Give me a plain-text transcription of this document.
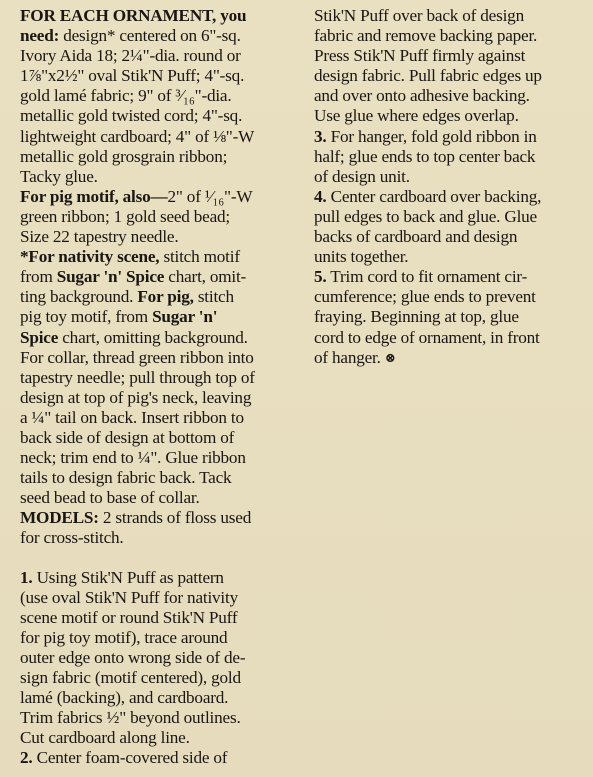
FOR EACH ORNAMENT, you
need: design* centered on 6"-sq.
Ivory Aida 18; 2¼"-dia. round or
1⅞"x2½" oval Stik'N Puff; 4"-sq.
gold lamé fabric; 9" of ³⁄₁₆"-dia.
metallic gold twisted cord; 4"-sq.
lightweight cardboard; 4" of ⅛"-W
metallic gold grosgrain ribbon;
Tacky glue.
For pig motif, also—2" of ¹⁄₁₆"-W
green ribbon; 1 gold seed bead;
Size 22 tapestry needle.
*For nativity scene, stitch motif
from Sugar 'n' Spice chart, omit-
ting background. For pig, stitch
pig toy motif, from Sugar 'n'
Spice chart, omitting background.
For collar, thread green ribbon into
tapestry needle; pull through top of
design at top of pig's neck, leaving
a ¼" tail on back. Insert ribbon to
back side of design at bottom of
neck; trim end to ¼". Glue ribbon
tails to design fabric back. Tack
seed bead to base of collar.
MODELS: 2 strands of floss used
for cross-stitch.
1. Using Stik'N Puff as pattern
(use oval Stik'N Puff for nativity
scene motif or round Stik'N Puff
for pig toy motif), trace around
outer edge onto wrong side of de-
sign fabric (motif centered), gold
lamé (backing), and cardboard.
Trim fabrics ½" beyond outlines.
Cut cardboard along line.
2. Center foam-covered side of
Stik'N Puff over back of design
fabric and remove backing paper.
Press Stik'N Puff firmly against
design fabric. Pull fabric edges up
and over onto adhesive backing.
Use glue where edges overlap.
3. For hanger, fold gold ribbon in
half; glue ends to top center back
of design unit.
4. Center cardboard over backing,
pull edges to back and glue. Glue
backs of cardboard and design
units together.
5. Trim cord to fit ornament cir-
cumference; glue ends to prevent
fraying. Beginning at top, glue
cord to edge of ornament, in front
of hanger. ⊗
